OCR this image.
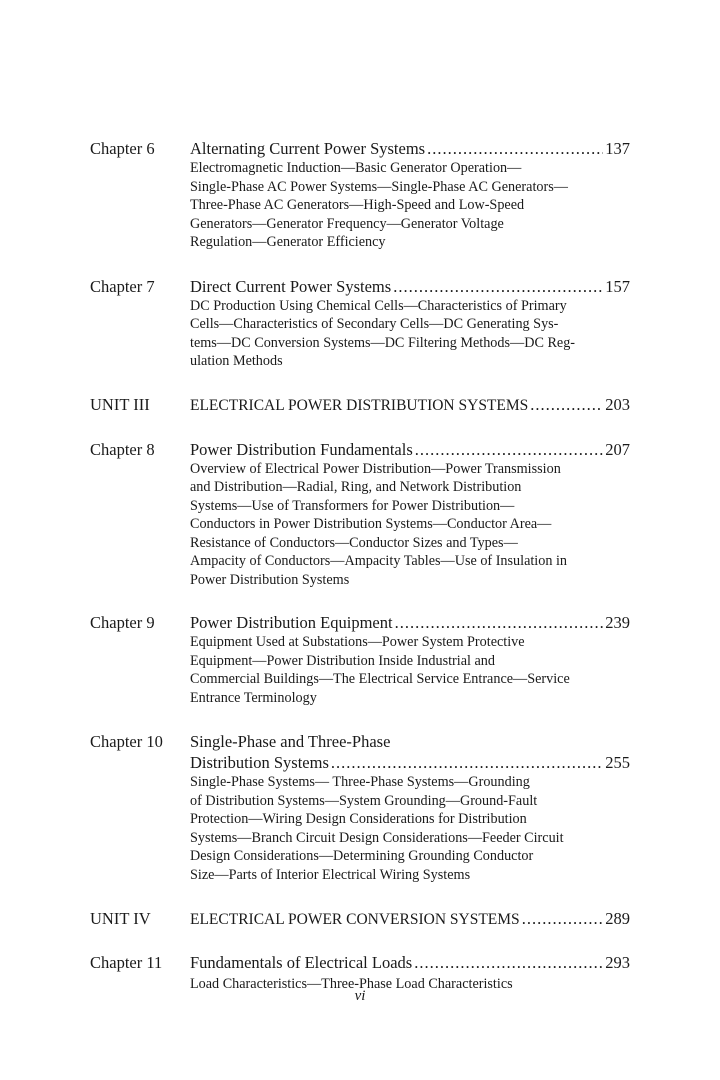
Chapter 6	Alternating Current Power Systems .....	137
Electromagnetic Induction—Basic Generator Operation—
Single-Phase AC Power Systems—Single-Phase AC Generators—
Three-Phase AC Generators—High-Speed and Low-Speed
Generators—Generator Frequency—Generator Voltage
Regulation—Generator Efficiency
Chapter 7	Direct Current Power Systems .....	157
DC Production Using Chemical Cells—Characteristics of Primary
Cells—Characteristics of Secondary Cells—DC Generating Sys-
tems—DC Conversion Systems—DC Filtering Methods—DC Reg-
ulation Methods
UNIT III	ELECTRICAL POWER DISTRIBUTION SYSTEMS .....	203
Chapter 8	Power Distribution Fundamentals .....	207
Overview of Electrical Power Distribution—Power Transmission
and Distribution—Radial, Ring, and Network Distribution
Systems—Use of Transformers for Power Distribution—
Conductors in Power Distribution Systems—Conductor Area—
Resistance of Conductors—Conductor Sizes and Types—
Ampacity of Conductors—Ampacity Tables—Use of Insulation in
Power Distribution Systems
Chapter 9	Power Distribution Equipment .....	239
Equipment Used at Substations—Power System Protective
Equipment—Power Distribution Inside Industrial and
Commercial Buildings—The Electrical Service Entrance—Service
Entrance Terminology
Chapter 10	Single-Phase and Three-Phase
Distribution Systems .....	255
Single-Phase Systems— Three-Phase Systems—Grounding
of Distribution Systems—System Grounding—Ground-Fault
Protection—Wiring Design Considerations for Distribution
Systems—Branch Circuit Design Considerations—Feeder Circuit
Design Considerations—Determining Grounding Conductor
Size—Parts of Interior Electrical Wiring Systems
UNIT IV	ELECTRICAL POWER CONVERSION SYSTEMS .....	289
Chapter 11	Fundamentals of Electrical Loads .....	293
Load Characteristics—Three-Phase Load Characteristics
vi
